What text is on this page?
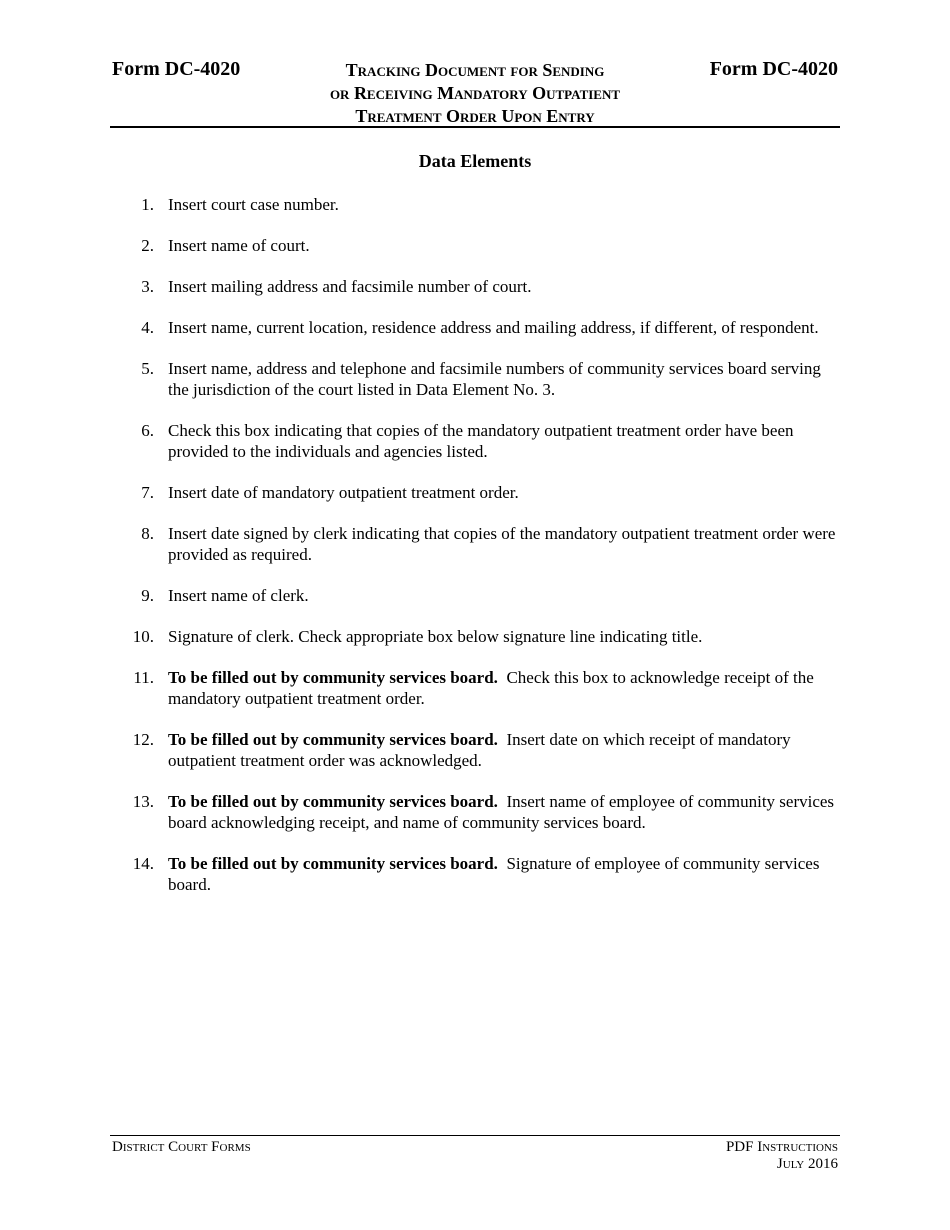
Form DC-4020	Tracking Document for Sending
or Receiving Mandatory Outpatient
Treatment Order Upon Entry
Form DC-4020
Data Elements
1. Insert court case number.
2. Insert name of court.
3. Insert mailing address and facsimile number of court.
4. Insert name, current location, residence address and mailing address, if different, of respondent.
5. Insert name, address and telephone and facsimile numbers of community services board serving the jurisdiction of the court listed in Data Element No. 3.
6. Check this box indicating that copies of the mandatory outpatient treatment order have been provided to the individuals and agencies listed.
7. Insert date of mandatory outpatient treatment order.
8. Insert date signed by clerk indicating that copies of the mandatory outpatient treatment order were provided as required.
9. Insert name of clerk.
10. Signature of clerk. Check appropriate box below signature line indicating title.
11. To be filled out by community services board.  Check this box to acknowledge receipt of the mandatory outpatient treatment order.
12. To be filled out by community services board.  Insert date on which receipt of mandatory outpatient treatment order was acknowledged.
13. To be filled out by community services board.  Insert name of employee of community services board acknowledging receipt, and name of community services board.
14. To be filled out by community services board.  Signature of employee of community services board.
District Court Forms	PDF Instructions
July 2016
